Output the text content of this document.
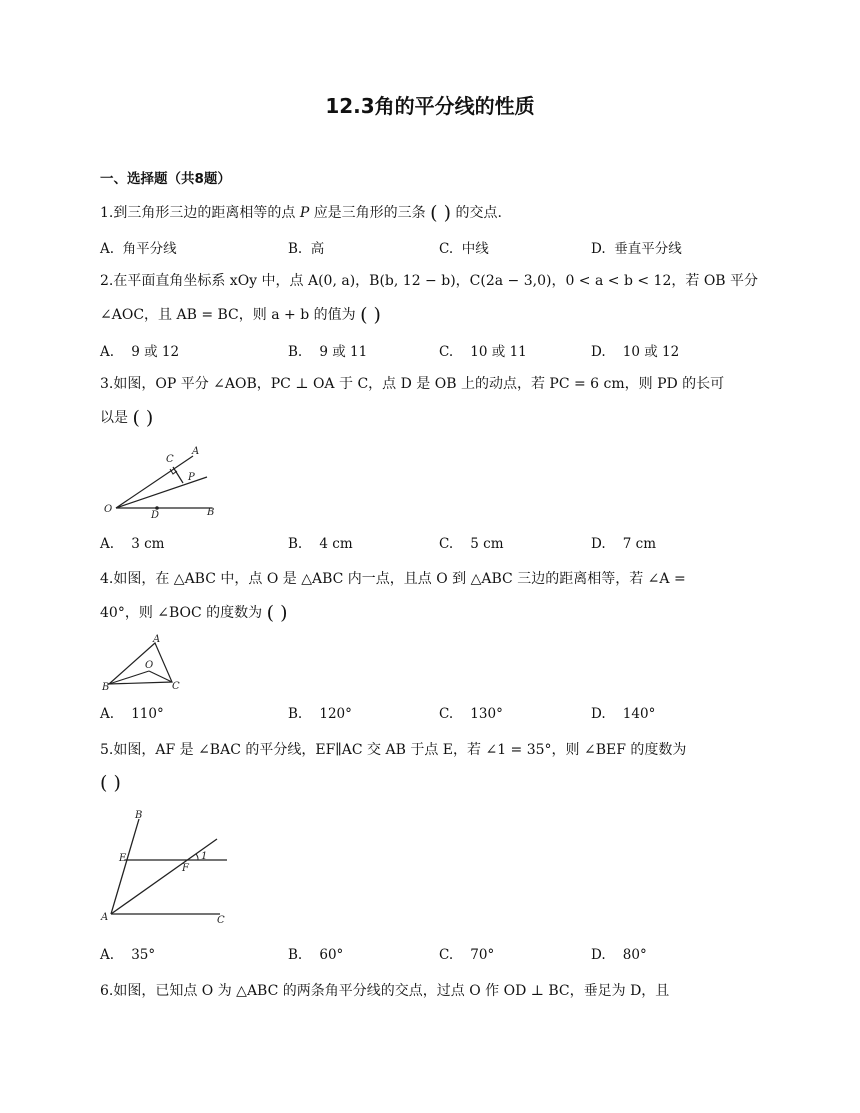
12.3角的平分线的性质
一、选择题（共8题）
1.到三角形三边的距离相等的点 P 应是三角形的三条 ( ) 的交点.
A.  角平分线	B.  高	C.  中线	D.  垂直平分线
2.在平面直角坐标系 xOy 中，点 A(0, a)，B(b, 12 − b)，C(2a − 3,0)，0 < a < b < 12，若 OB 平分
∠AOC，且 AB = BC，则 a + b 的值为 ( )
A.    9 或 12	B.    9 或 11	C.    10 或 11	D.    10 或 12
3.如图，OP 平分 ∠AOB，PC ⊥ OA 于 C，点 D 是 OB 上的动点，若 PC = 6 cm，则 PD 的长可
以是 ( )
O
A
B
C
P
D
A.    3 cm	B.    4 cm	C.    5 cm	D.    7 cm
4.如图，在 △ABC 中，点 O 是 △ABC 内一点，且点 O 到 △ABC 三边的距离相等，若 ∠A =
40°，则 ∠BOC 的度数为 ( )
A
B	C
O
A.    110°	B.    120°	C.    130°	D.    140°
5.如图，AF 是 ∠BAC 的平分线，EF∥AC 交 AB 于点 E，若 ∠1 = 35°，则 ∠BEF 的度数为
( )
B
E
F
1
A	C
A.    35°	B.    60°	C.    70°	D.    80°
6.如图，已知点 O 为 △ABC 的两条角平分线的交点，过点 O 作 OD ⊥ BC，垂足为 D，且
